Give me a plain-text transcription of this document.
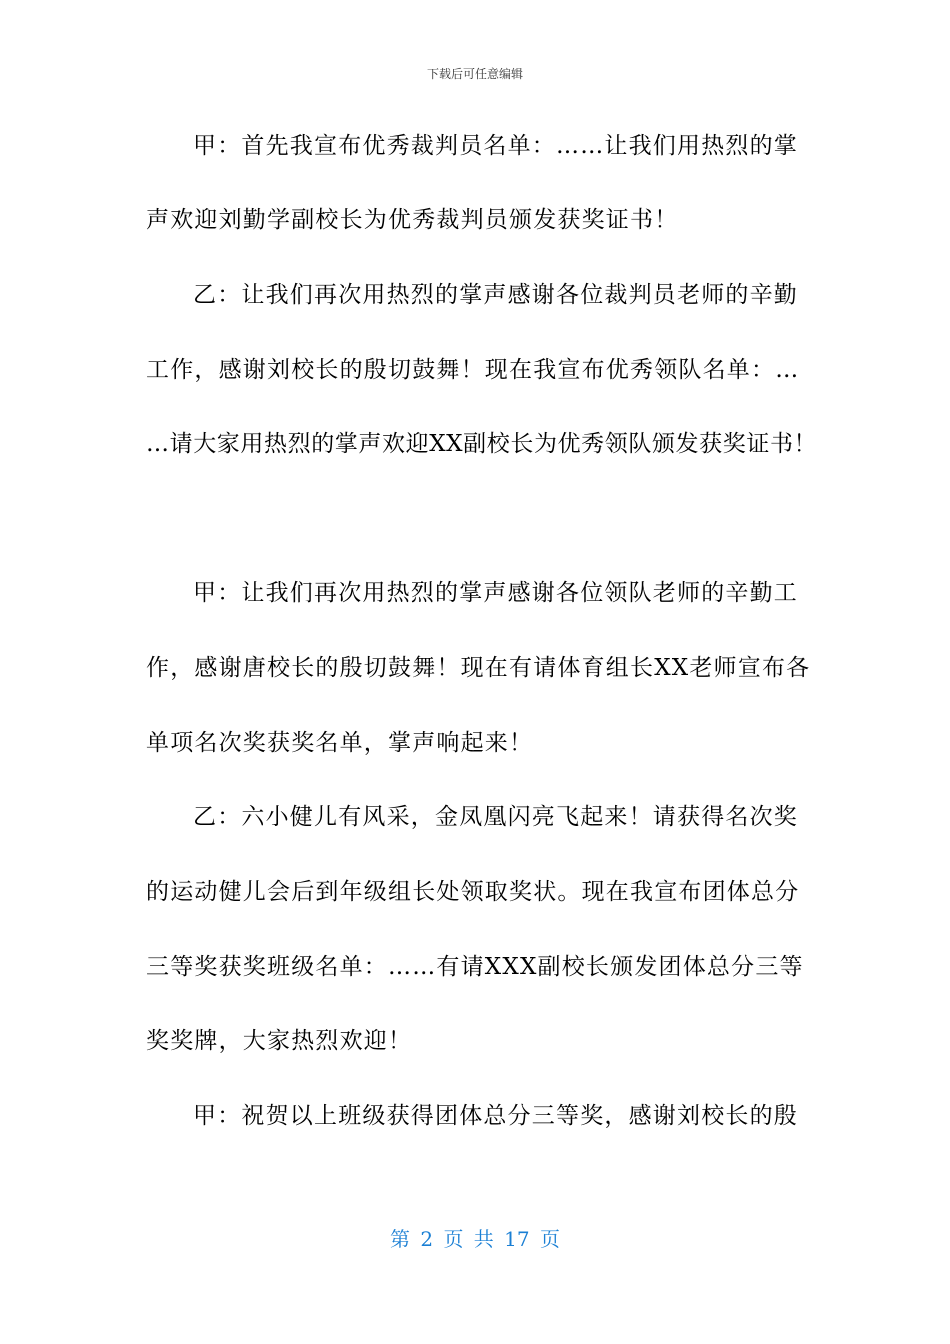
下载后可任意编辑
甲：首先我宣布优秀裁判员名单：……让我们用热烈的掌
声欢迎刘勤学副校长为优秀裁判员颁发获奖证书！
乙：让我们再次用热烈的掌声感谢各位裁判员老师的辛勤
工作，感谢刘校长的殷切鼓舞！现在我宣布优秀领队名单：…
…请大家用热烈的掌声欢迎XX副校长为优秀领队颁发获奖证书！
甲：让我们再次用热烈的掌声感谢各位领队老师的辛勤工
作，感谢唐校长的殷切鼓舞！现在有请体育组长XX老师宣布各
单项名次奖获奖名单，掌声响起来！
乙：六小健儿有风采，金凤凰闪亮飞起来！请获得名次奖
的运动健儿会后到年级组长处领取奖状。现在我宣布团体总分
三等奖获奖班级名单：……有请XXX副校长颁发团体总分三等
奖奖牌，大家热烈欢迎！
甲：祝贺以上班级获得团体总分三等奖，感谢刘校长的殷
第 2 页 共 17 页
